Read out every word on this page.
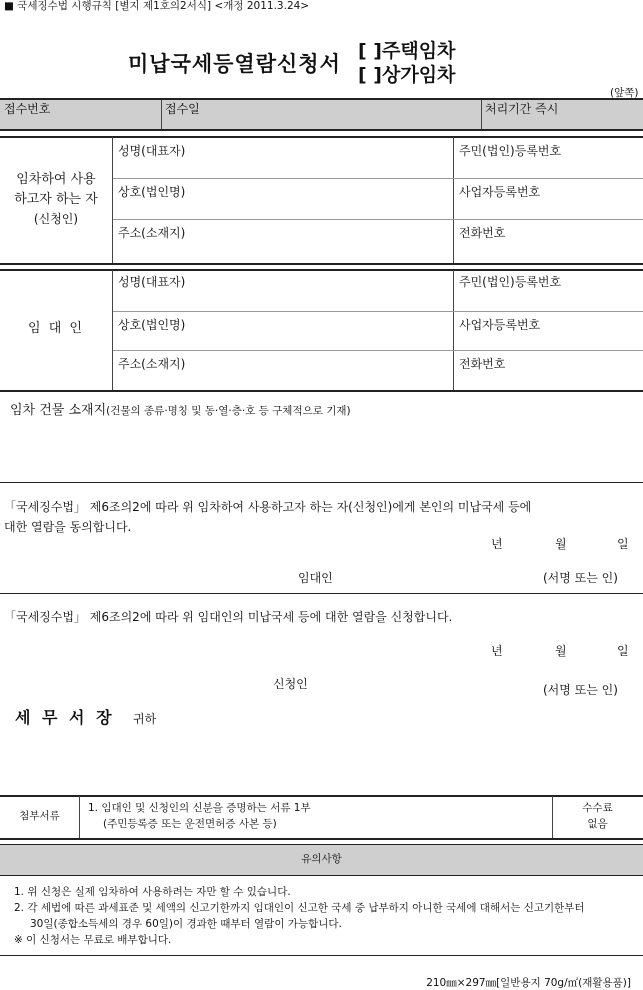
■ 국세징수법 시행규칙 [별지 제1호의2서식] <개정 2011.3.24>
미납국세등열람신청서
[ ]주택임차
[ ]상가임차
(앞쪽)
접수번호	접수일	처리기간 즉시
임차하여 사용
하고자 하는 자
(신청인)
성명(대표자)	주민(법인)등록번호
상호(법인명)	사업자등록번호
주소(소재지)	전화번호
임 대 인
성명(대표자)	주민(법인)등록번호
상호(법인명)	사업자등록번호
주소(소재지)	전화번호
임차 건물 소재지(건물의 종류·명칭 및 동·열·층·호 등 구체적으로 기재)
「국세징수법」 제6조의2에 따라 위 임차하여 사용하고자 하는 자(신청인)에게 본인의 미납국세 등에
대한 열람을 동의합니다.
년	월	일
임대인	(서명 또는 인)
「국세징수법」 제6조의2에 따라 위 임대인의 미납국세 등에 대한 열람을 신청합니다.
년	월	일
신청인	(서명 또는 인)
세 무 서 장 귀하
첨부서류
1. 임대인 및 신청인의 신분을 증명하는 서류 1부
(주민등록증 또는 운전면허증 사본 등)
수수료
없음
유의사항
1. 위 신청은 실제 임차하여 사용하려는 자만 할 수 있습니다.
2. 각 세법에 따른 과세표준 및 세액의 신고기한까지 임대인이 신고한 국세 중 납부하지 아니한 국세에 대해서는 신고기한부터
30일(종합소득세의 경우 60일)이 경과한 때부터 열람이 가능합니다.
※ 이 신청서는 무료로 배부합니다.
210㎜×297㎜[일반용지 70g/㎡(재활용품)]
